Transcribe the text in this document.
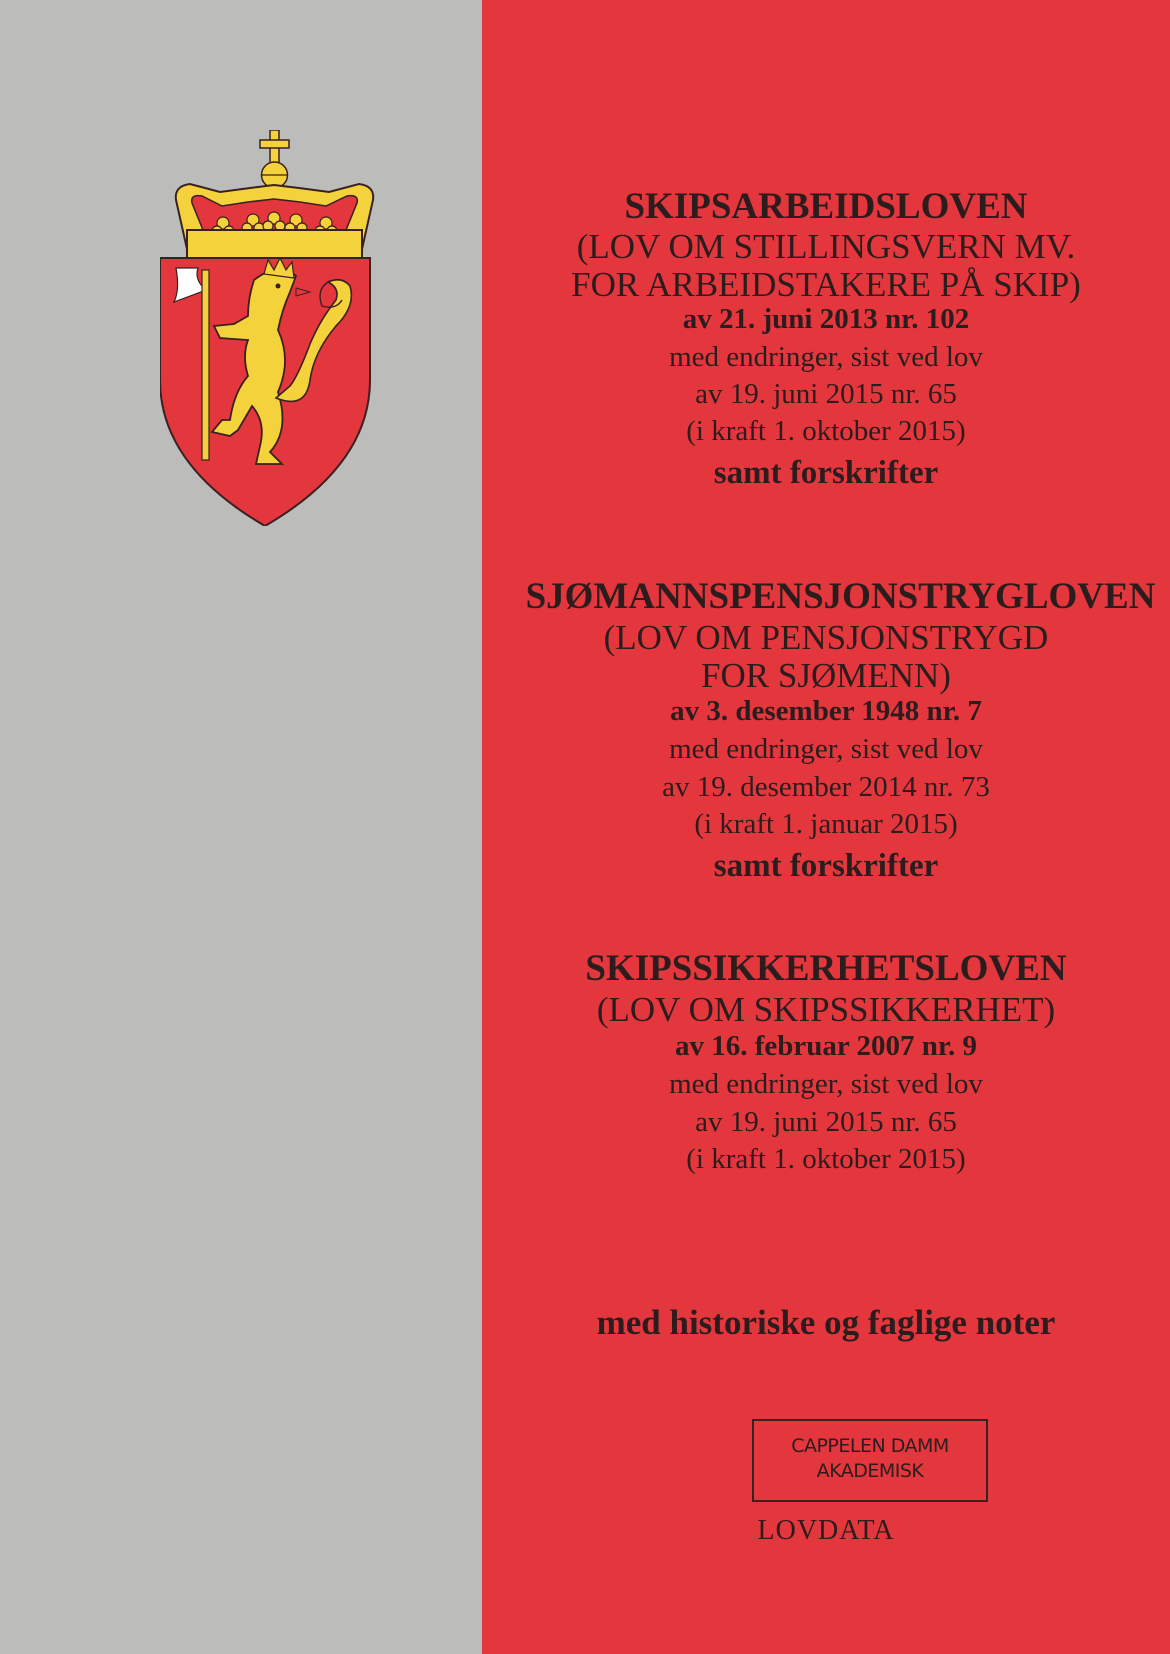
SKIPSARBEIDSLOVEN
(LOV OM STILLINGSVERN MV.
FOR ARBEIDSTAKERE PÅ SKIP)
av 21. juni 2013 nr. 102
med endringer, sist ved lov
av 19. juni 2015 nr. 65
(i kraft 1. oktober 2015)
samt forskrifter
SJØMANNSPENSJONSTRYGLOVEN
(LOV OM PENSJONSTRYGD
FOR SJØMENN)
av 3. desember 1948 nr. 7
med endringer, sist ved lov
av 19. desember 2014 nr. 73
(i kraft 1. januar 2015)
samt forskrifter
SKIPSSIKKERHETSLOVEN
(LOV OM SKIPSSIKKERHET)
av 16. februar 2007 nr. 9
med endringer, sist ved lov
av 19. juni 2015 nr. 65
(i kraft 1. oktober 2015)
med historiske og faglige noter
CAPPELEN DAMM
AKADEMISK
LOVDATA
